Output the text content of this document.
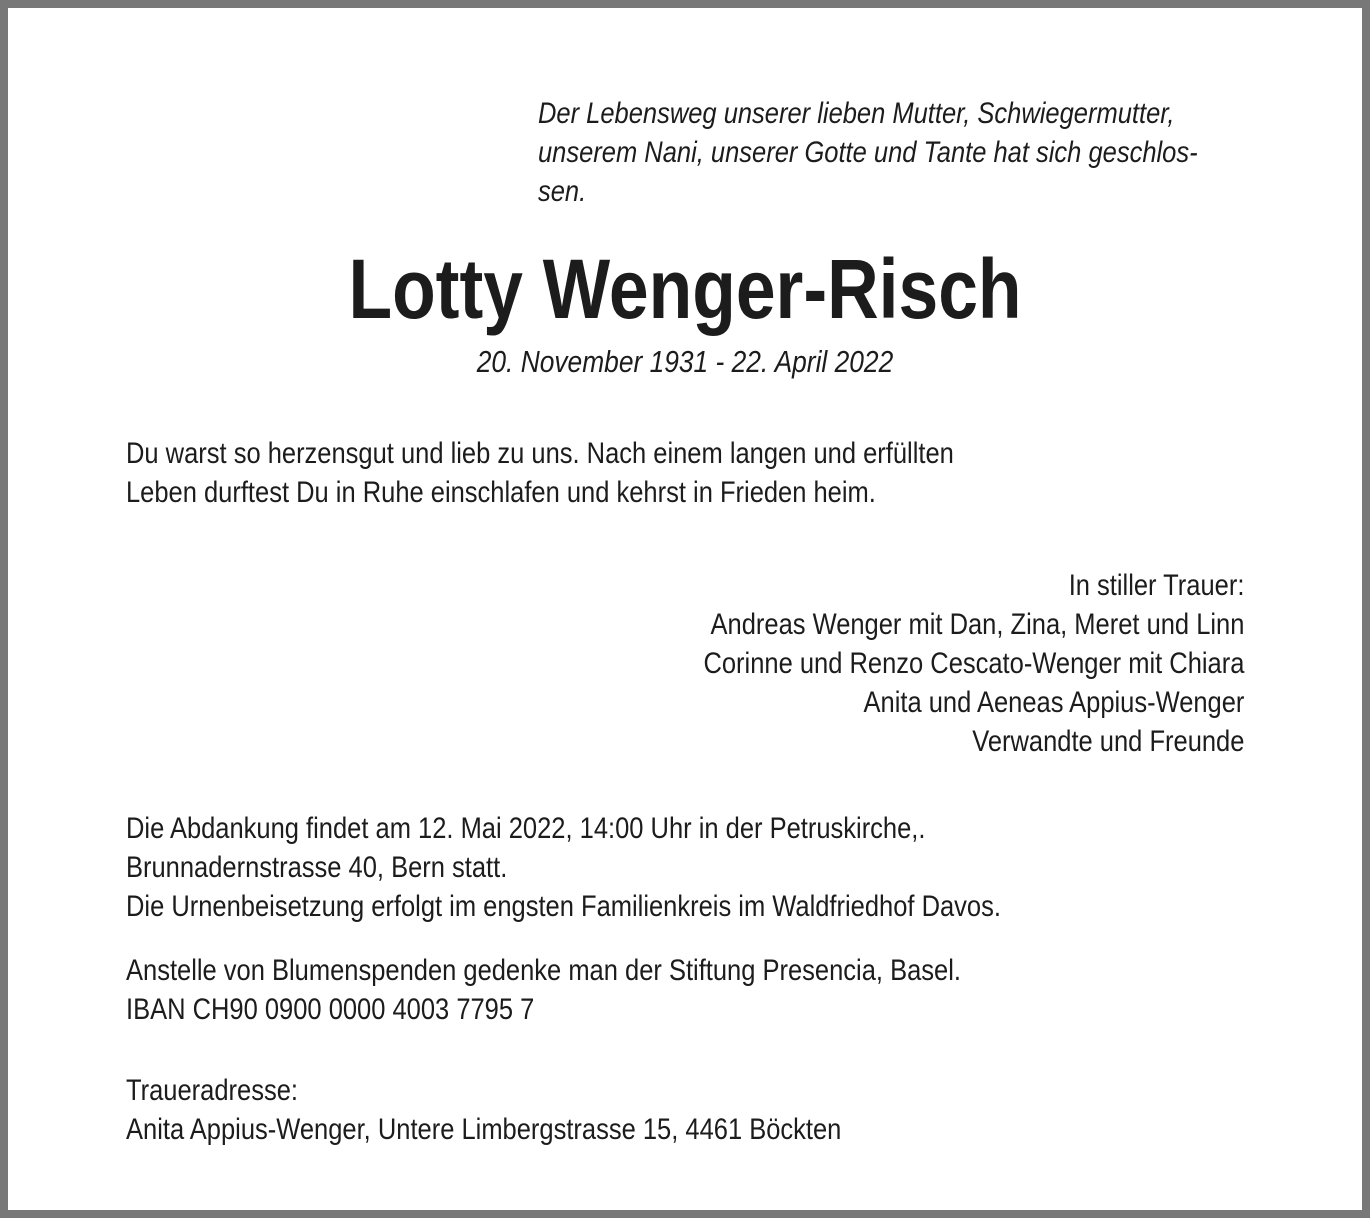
Der Lebensweg unserer lieben Mutter, Schwiegermutter,
unserem Nani, unserer Gotte und Tante hat sich geschlos-
sen.
Lotty Wenger-Risch
20. November 1931 - 22. April 2022
Du warst so herzensgut und lieb zu uns. Nach einem langen und erfüllten
Leben durftest Du in Ruhe einschlafen und kehrst in Frieden heim.
In stiller Trauer:
Andreas Wenger mit Dan, Zina, Meret und Linn
Corinne und Renzo Cescato-Wenger mit Chiara
Anita und Aeneas Appius-Wenger
Verwandte und Freunde
Die Abdankung findet am 12. Mai 2022, 14:00 Uhr in der Petruskirche,.
Brunnadernstrasse 40, Bern statt.
Die Urnenbeisetzung erfolgt im engsten Familienkreis im Waldfriedhof Davos.
Anstelle von Blumenspenden gedenke man der Stiftung Presencia, Basel.
IBAN CH90 0900 0000 4003 7795 7
Traueradresse:
Anita Appius-Wenger, Untere Limbergstrasse 15, 4461 Böckten
